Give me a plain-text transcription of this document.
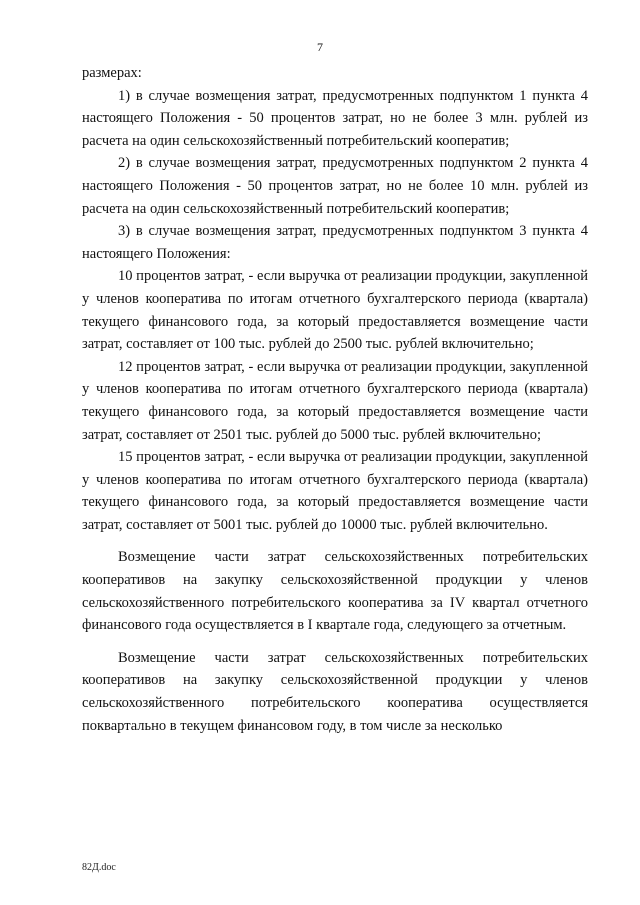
7

размерах:

1) в случае возмещения затрат, предусмотренных подпунктом 1 пункта 4 настоящего Положения - 50 процентов затрат, но не более 3 млн. рублей из расчета на один сельскохозяйственный потребительский кооператив;

2) в случае возмещения затрат, предусмотренных подпунктом 2 пункта 4 настоящего Положения - 50 процентов затрат, но не более 10 млн. рублей из расчета на один сельскохозяйственный потребительский кооператив;

3) в случае возмещения затрат, предусмотренных подпунктом 3 пункта 4 настоящего Положения:

10 процентов затрат, - если выручка от реализации продукции, закупленной у членов кооператива по итогам отчетного бухгалтерского периода (квартала) текущего финансового года, за который предоставляется возмещение части затрат, составляет от 100 тыс. рублей до 2500 тыс. рублей включительно;

12 процентов затрат, - если выручка от реализации продукции, закупленной у членов кооператива по итогам отчетного бухгалтерского периода (квартала) текущего финансового года, за который предоставляется возмещение части затрат, составляет от 2501 тыс. рублей до 5000 тыс. рублей включительно;

15 процентов затрат, - если выручка от реализации продукции, закупленной у членов кооператива по итогам отчетного бухгалтерского периода (квартала) текущего финансового года, за который предоставляется возмещение части затрат, составляет от 5001 тыс. рублей до 10000 тыс. рублей включительно.

Возмещение части затрат сельскохозяйственных потребительских кооперативов на закупку сельскохозяйственной продукции у членов сельскохозяйственного потребительского кооператива за IV квартал отчетного финансового года осуществляется в I квартале года, следующего за отчетным.

Возмещение части затрат сельскохозяйственных потребительских кооперативов на закупку сельскохозяйственной продукции у членов сельскохозяйственного потребительского кооператива осуществляется поквартально в текущем финансовом году, в том числе за несколько

82Д.doc
